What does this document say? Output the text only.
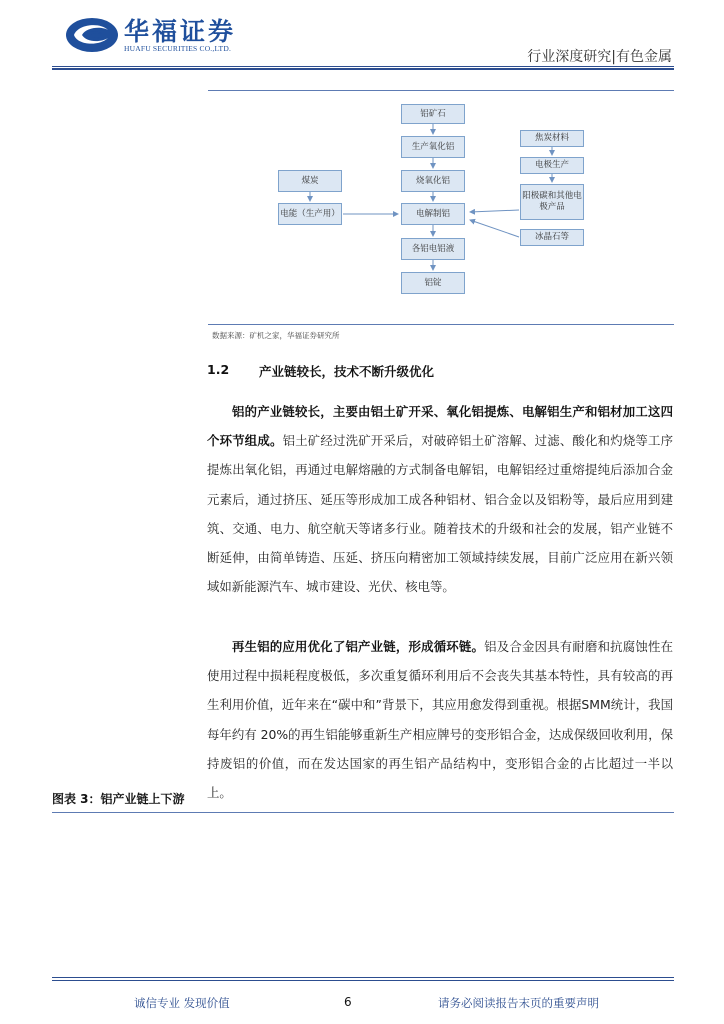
华福证券
HUAFU SECURITIES CO.,LTD.
行业深度研究|有色金属
铝矿石
生产氧化铝
烧氧化铝
煤炭
电能（生产用）	电解制铝
各铝电铝液
铝锭
焦炭材料
电极生产
阳极碳和其他电极产品
冰晶石等
数据来源：矿机之家，华福证券研究所
1.2 产业链较长，技术不断升级优化

铝的产业链较长，主要由铝土矿开采、氧化铝提炼、电解铝生产和铝材加工这四个环节组成。铝土矿经过洗矿开采后，对破碎铝土矿溶解、过滤、酸化和灼烧等工序提炼出氧化铝，再通过电解熔融的方式制备电解铝，电解铝经过重熔提纯后添加合金元素后，通过挤压、延压等形成加工成各种铝材、铝合金以及铝粉等，最后应用到建筑、交通、电力、航空航天等诸多行业。随着技术的升级和社会的发展，铝产业链不断延伸，由简单铸造、压延、挤压向精密加工领域持续发展，目前广泛应用在新兴领域如新能源汽车、城市建设、光伏、核电等。

再生铝的应用优化了铝产业链，形成循环链。铝及合金因具有耐磨和抗腐蚀性在使用过程中损耗程度极低，多次重复循环利用后不会丧失其基本特性，具有较高的再生利用价值，近年来在“碳中和”背景下，其应用愈发得到重视。根据SMM统计，我国每年约有 20%的再生铝能够重新生产相应牌号的变形铝合金，达成保级回收利用，保持废铝的价值，而在发达国家的再生铝产品结构中，变形铝合金的占比超过一半以上。

图表 3：铝产业链上下游
诚信专业 发现价值	6	请务必阅读报告末页的重要声明
